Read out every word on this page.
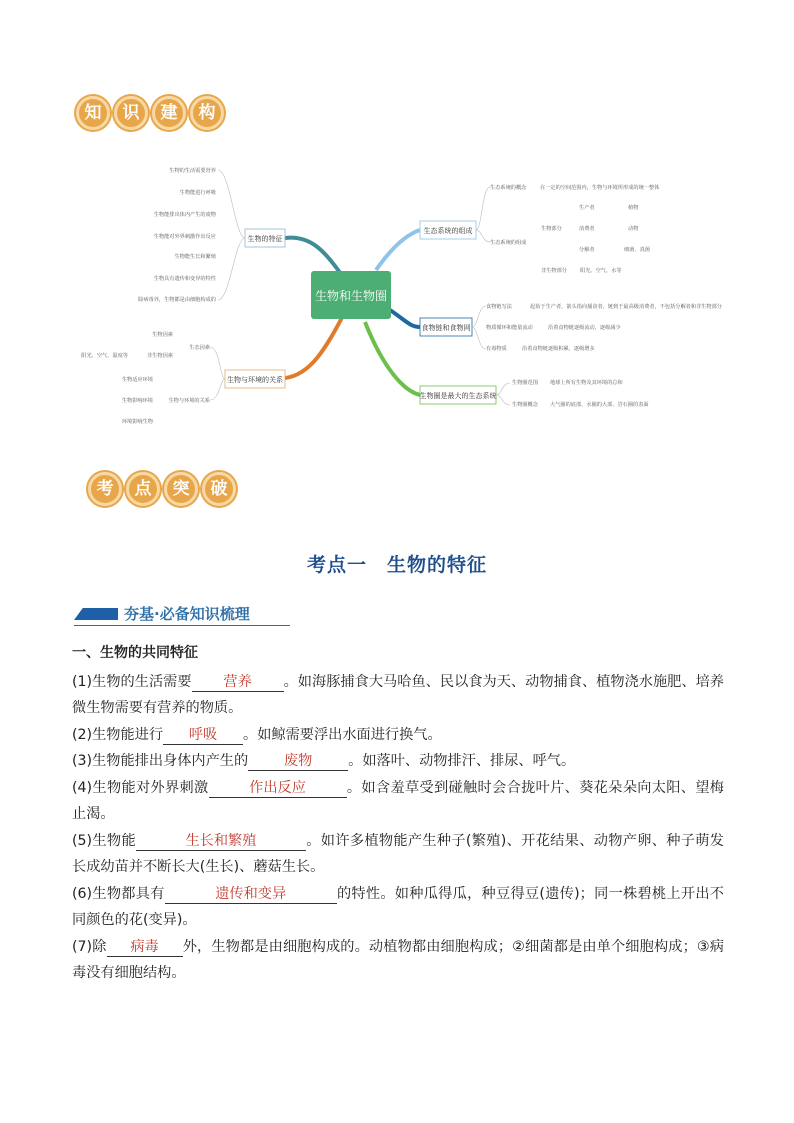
知	识	建	构
生物和生物圈
生物的特征
生物的生活需要营养
生物能进行呼吸
生物能排出体内产生的废物
生物能对外界刺激作出反应
生物能生长和繁殖
生物具有遗传和变异的特性
除病毒外，生物都是由细胞构成的
生物与环境的关系
生态因素
生物因素
非生物因素
阳光、空气、温度等
生物与环境的关系
生物适应环境
生物影响环境
环境影响生物
生态系统的组成
生态系统的概念	在一定的空间范围内，生物与环境所形成的统一整体
生态系统的组成
生物部分
生产者	植物
消费者	动物
分解者	细菌、真菌
非生物部分	阳光、空气、水等
食物链和食物网
食物链写法	起始于生产者，箭头指向捕食者，链到于最高级消费者，不包括分解者和非生物部分
物质循环和能量流动	沿着食物链逐级流动，逐级减少
有毒物质	沿着食物链逐级积累，逐级增多
生物圈是最大的生态系统
生物圈范围 地球上所有生物及其环境的总和
生物圈概念 大气圈的底部、水圈的大部、岩石圈的表面
考	点	突	破
考点一　生物的特征
夯基·必备知识梳理
一、生物的共同特征

(1)生物的生活需要 营养 。如海豚捕食大马哈鱼、民以食为天、动物捕食、植物浇水施肥、培养微生物需要有营养的物质。

(2)生物能进行 呼吸 。如鲸需要浮出水面进行换气。

(3)生物能排出身体内产生的	废物	。如落叶、动物排汗、排尿、呼气。

(4)生物能对外界刺激	作出反应	。如含羞草受到碰触时会合拢叶片、葵花朵朵向太阳、望梅止渴。

(5)生物能	生长和繁殖	。如许多植物能产生种子(繁殖)、开花结果、动物产卵、种子萌发长成幼苗并不断长大(生长)、蘑菇生长。

(6)生物都具有	遗传和变异	的特性。如种瓜得瓜，种豆得豆(遗传)；同一株碧桃上开出不同颜色的花(变异)。

(7)除 病毒 外，生物都是由细胞构成的。动植物都由细胞构成；②细菌都是由单个细胞构成；③病毒没有细胞结构。
